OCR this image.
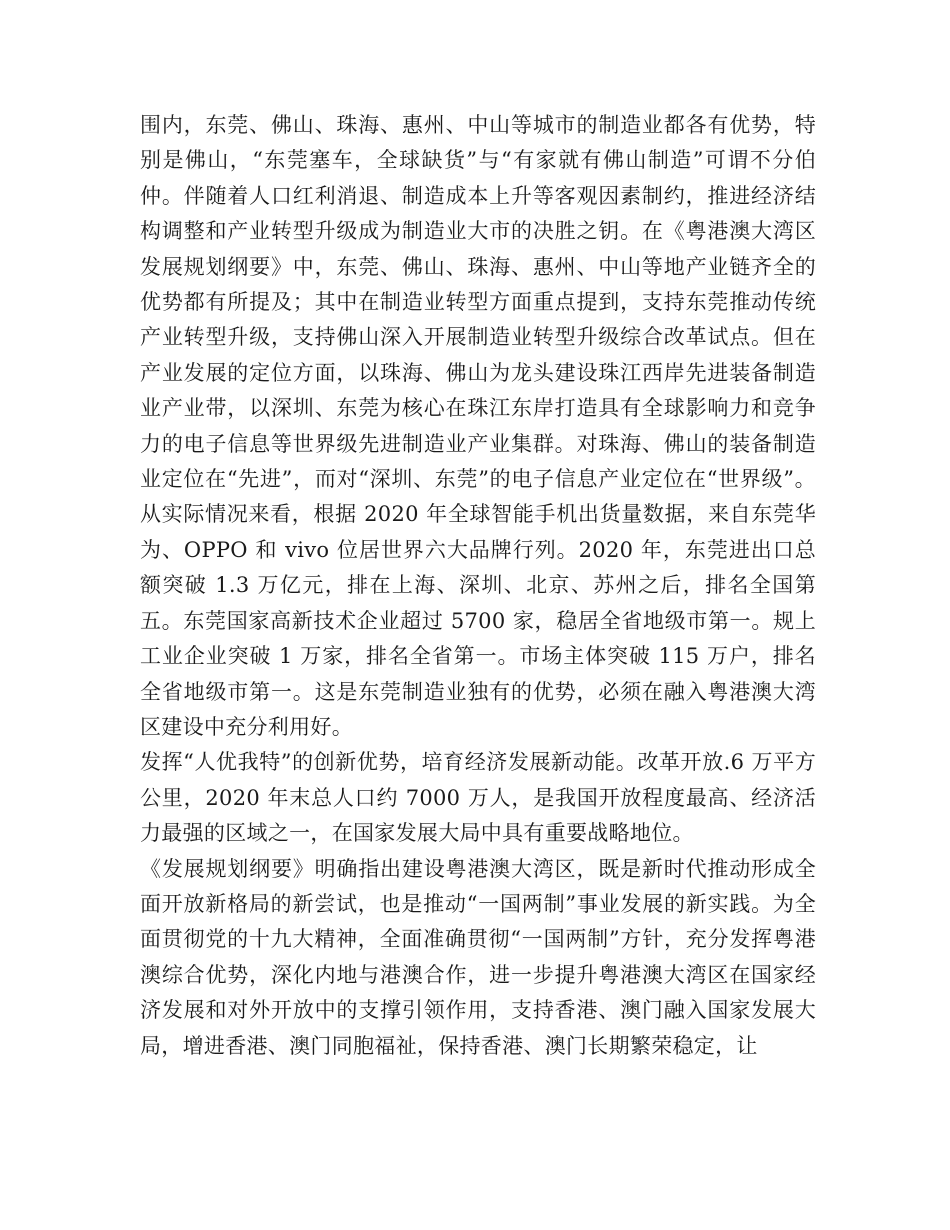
围内，东莞、佛山、珠海、惠州、中山等城市的制造业都各有优势，特别是佛山，“东莞塞车，全球缺货”与“有家就有佛山制造”可谓不分伯仲。伴随着人口红利消退、制造成本上升等客观因素制约，推进经济结构调整和产业转型升级成为制造业大市的决胜之钥。在《粤港澳大湾区发展规划纲要》中，东莞、佛山、珠海、惠州、中山等地产业链齐全的优势都有所提及；其中在制造业转型方面重点提到，支持东莞推动传统产业转型升级，支持佛山深入开展制造业转型升级综合改革试点。但在产业发展的定位方面，以珠海、佛山为龙头建设珠江西岸先进装备制造业产业带，以深圳、东莞为核心在珠江东岸打造具有全球影响力和竞争力的电子信息等世界级先进制造业产业集群。对珠海、佛山的装备制造业定位在“先进”，而对“深圳、东莞”的电子信息产业定位在“世界级”。从实际情况来看，根据 2020 年全球智能手机出货量数据，来自东莞华为、OPPO 和 vivo 位居世界六大品牌行列。2020 年，东莞进出口总额突破 1.3 万亿元，排在上海、深圳、北京、苏州之后，排名全国第五。东莞国家高新技术企业超过 5700 家，稳居全省地级市第一。规上工业企业突破 1 万家，排名全省第一。市场主体突破 115 万户，排名全省地级市第一。这是东莞制造业独有的优势，必须在融入粤港澳大湾区建设中充分利用好。

发挥“人优我特”的创新优势，培育经济发展新动能。改革开放.6 万平方公里，2020 年末总人口约 7000 万人，是我国开放程度最高、经济活力最强的区域之一，在国家发展大局中具有重要战略地位。

《发展规划纲要》明确指出建设粤港澳大湾区，既是新时代推动形成全面开放新格局的新尝试，也是推动“一国两制”事业发展的新实践。为全面贯彻党的十九大精神，全面准确贯彻“一国两制”方针，充分发挥粤港澳综合优势，深化内地与港澳合作，进一步提升粤港澳大湾区在国家经济发展和对外开放中的支撑引领作用，支持香港、澳门融入国家发展大局，增进香港、澳门同胞福祉，保持香港、澳门长期繁荣稳定，让
